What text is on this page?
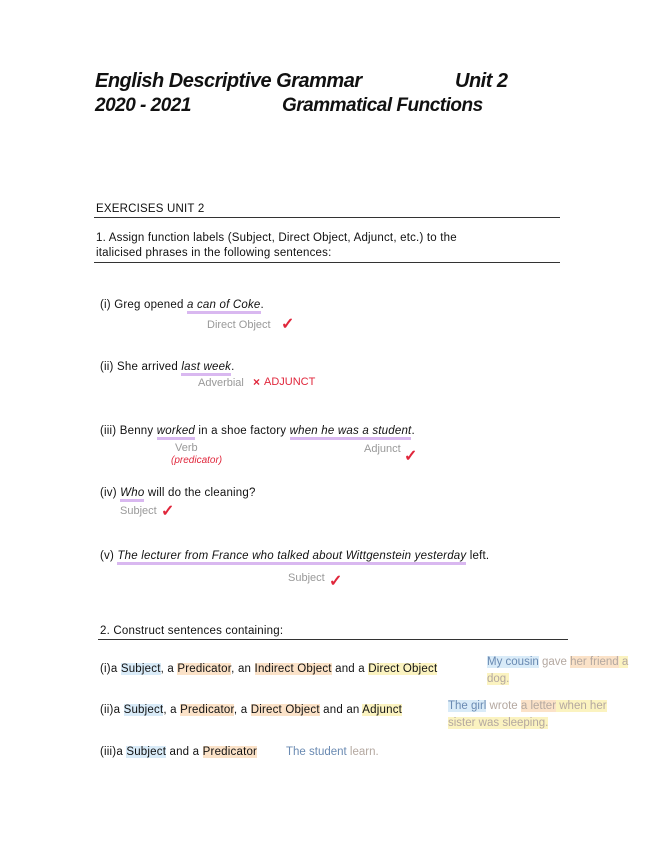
English Descriptive Grammar	Unit 2
2020 - 2021	Grammatical Functions
EXERCISES UNIT 2
1. Assign function labels (Subject, Direct Object, Adjunct, etc.) to the
italicised phrases in the following sentences:
(i) Greg opened a can of Coke.
Direct Object ✓
(ii) She arrived last week.
Adverbial × ADJUNCT
(iii) Benny worked in a shoe factory when he was a student.
Verb
(predicator)
Adjunct ✓
(iv) Who will do the cleaning?
Subject ✓
(v) The lecturer from France who talked about Wittgenstein yesterday left.
Subject ✓
2. Construct sentences containing:
(i)a Subject, a Predicator, an Indirect Object and a Direct Object
My cousin gave her friend a
dog.
(ii)a Subject, a Predicator, a Direct Object and an Adjunct	The girl wrote a letter when her
sister was sleeping.
(iii)a Subject and a Predicator	The student learn.
